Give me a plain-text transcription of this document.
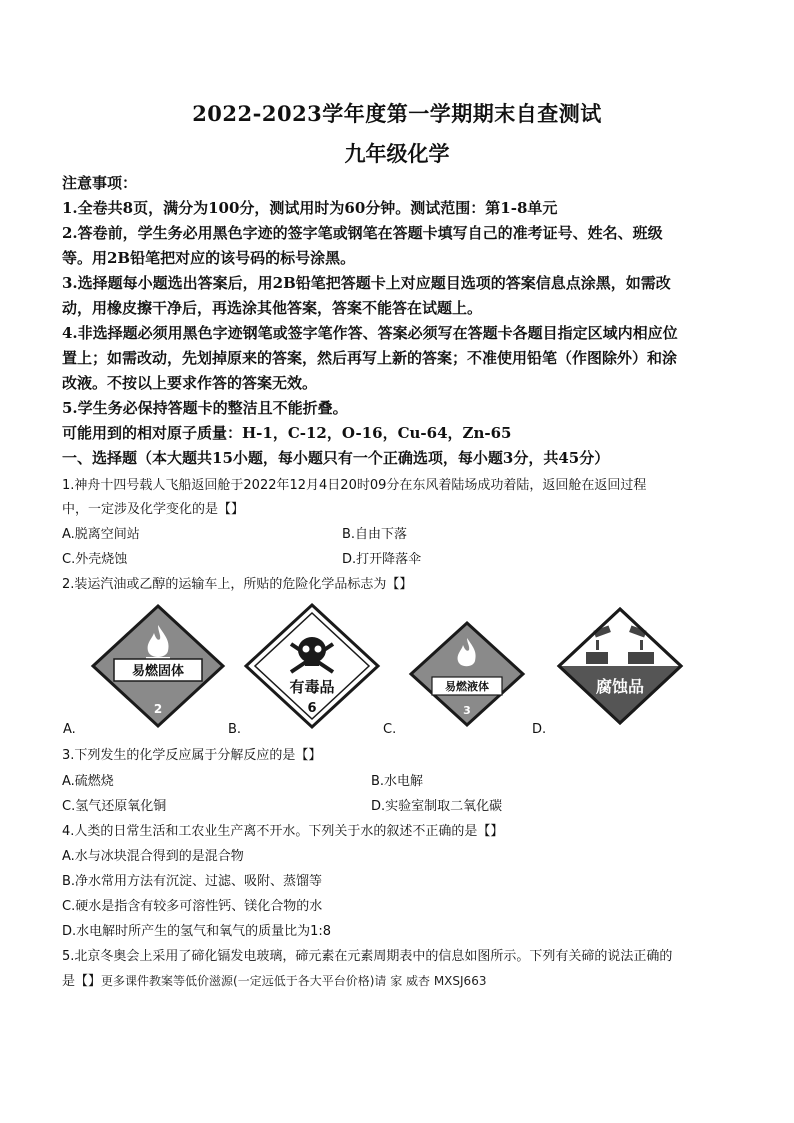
2022-2023学年度第一学期期末自查测试
九年级化学
注意事项：
1.全卷共8页，满分为100分，测试用时为60分钟。测试范围：第1-8单元
2.答卷前，学生务必用黑色字迹的签字笔或钢笔在答题卡填写自己的准考证号、姓名、班级
等。用2B铅笔把对应的该号码的标号涂黑。
3.选择题每小题选出答案后，用2B铅笔把答题卡上对应题目选项的答案信息点涂黑，如需改
动，用橡皮擦干净后，再选涂其他答案，答案不能答在试题上。
4.非选择题必须用黑色字迹钢笔或签字笔作答、答案必须写在答题卡各题目指定区域内相应位
置上；如需改动，先划掉原来的答案，然后再写上新的答案；不准使用铅笔（作图除外）和涂
改液。不按以上要求作答的答案无效。
5.学生务必保持答题卡的整洁且不能折叠。
可能用到的相对原子质量：H-1，C-12，O-16，Cu-64，Zn-65
一、选择题（本大题共15小题，每小题只有一个正确选项，每小题3分，共45分）
1.神舟十四号载人飞船返回舱于2022年12月4日20时09分在东风着陆场成功着陆，返回舱在返回过程
中，一定涉及化学变化的是【】
A.脱离空间站	B.自由下落
C.外壳烧蚀	D.打开降落伞
2.装运汽油或乙醇的运输车上，所贴的危险化学品标志为【】
易燃固体
2
有毒品
6
易燃液体
3
腐蚀品
A.	B.	C.	D.
3.下列发生的化学反应属于分解反应的是【】
A.硫燃烧	B.水电解
C.氢气还原氧化铜	D.实验室制取二氧化碳
4.人类的日常生活和工农业生产离不开水。下列关于水的叙述不正确的是【】
A.水与冰块混合得到的是混合物
B.净水常用方法有沉淀、过滤、吸附、蒸馏等
C.硬水是指含有较多可溶性钙、镁化合物的水
D.水电解时所产生的氢气和氧气的质量比为1:8
5.北京冬奥会上采用了碲化镉发电玻璃，碲元素在元素周期表中的信息如图所示。下列有关碲的说法正确的
是【】更多课件教案等低价滋源(一定远低于各大平台价格)请 家 威杏 MXSJ663
